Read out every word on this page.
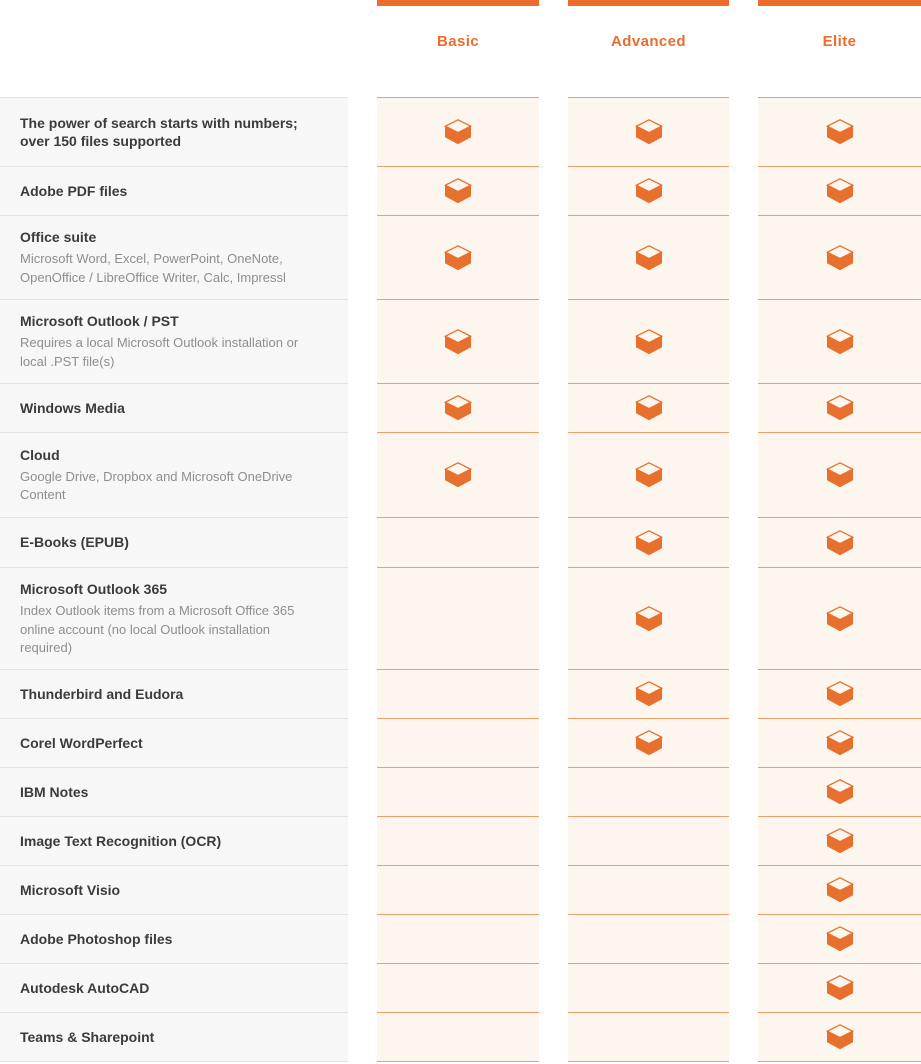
The power of search starts with numbers; over 150 files supported
Adobe PDF files
Office suite
Microsoft Word, Excel, PowerPoint, OneNote, OpenOffice / LibreOffice Writer, Calc, Impressl
Microsoft Outlook / PST
Requires a local Microsoft Outlook installation or local .PST file(s)
Windows Media
Cloud
Google Drive, Dropbox and Microsoft OneDrive Content
E-Books (EPUB)
Microsoft Outlook 365
Index Outlook items from a Microsoft Office 365 online account (no local Outlook installation required)
Thunderbird and Eudora
Corel WordPerfect
IBM Notes
Image Text Recognition (OCR)
Microsoft Visio
Adobe Photoshop files
Autodesk AutoCAD
Teams & Sharepoint
Basic	Advanced	Elite
